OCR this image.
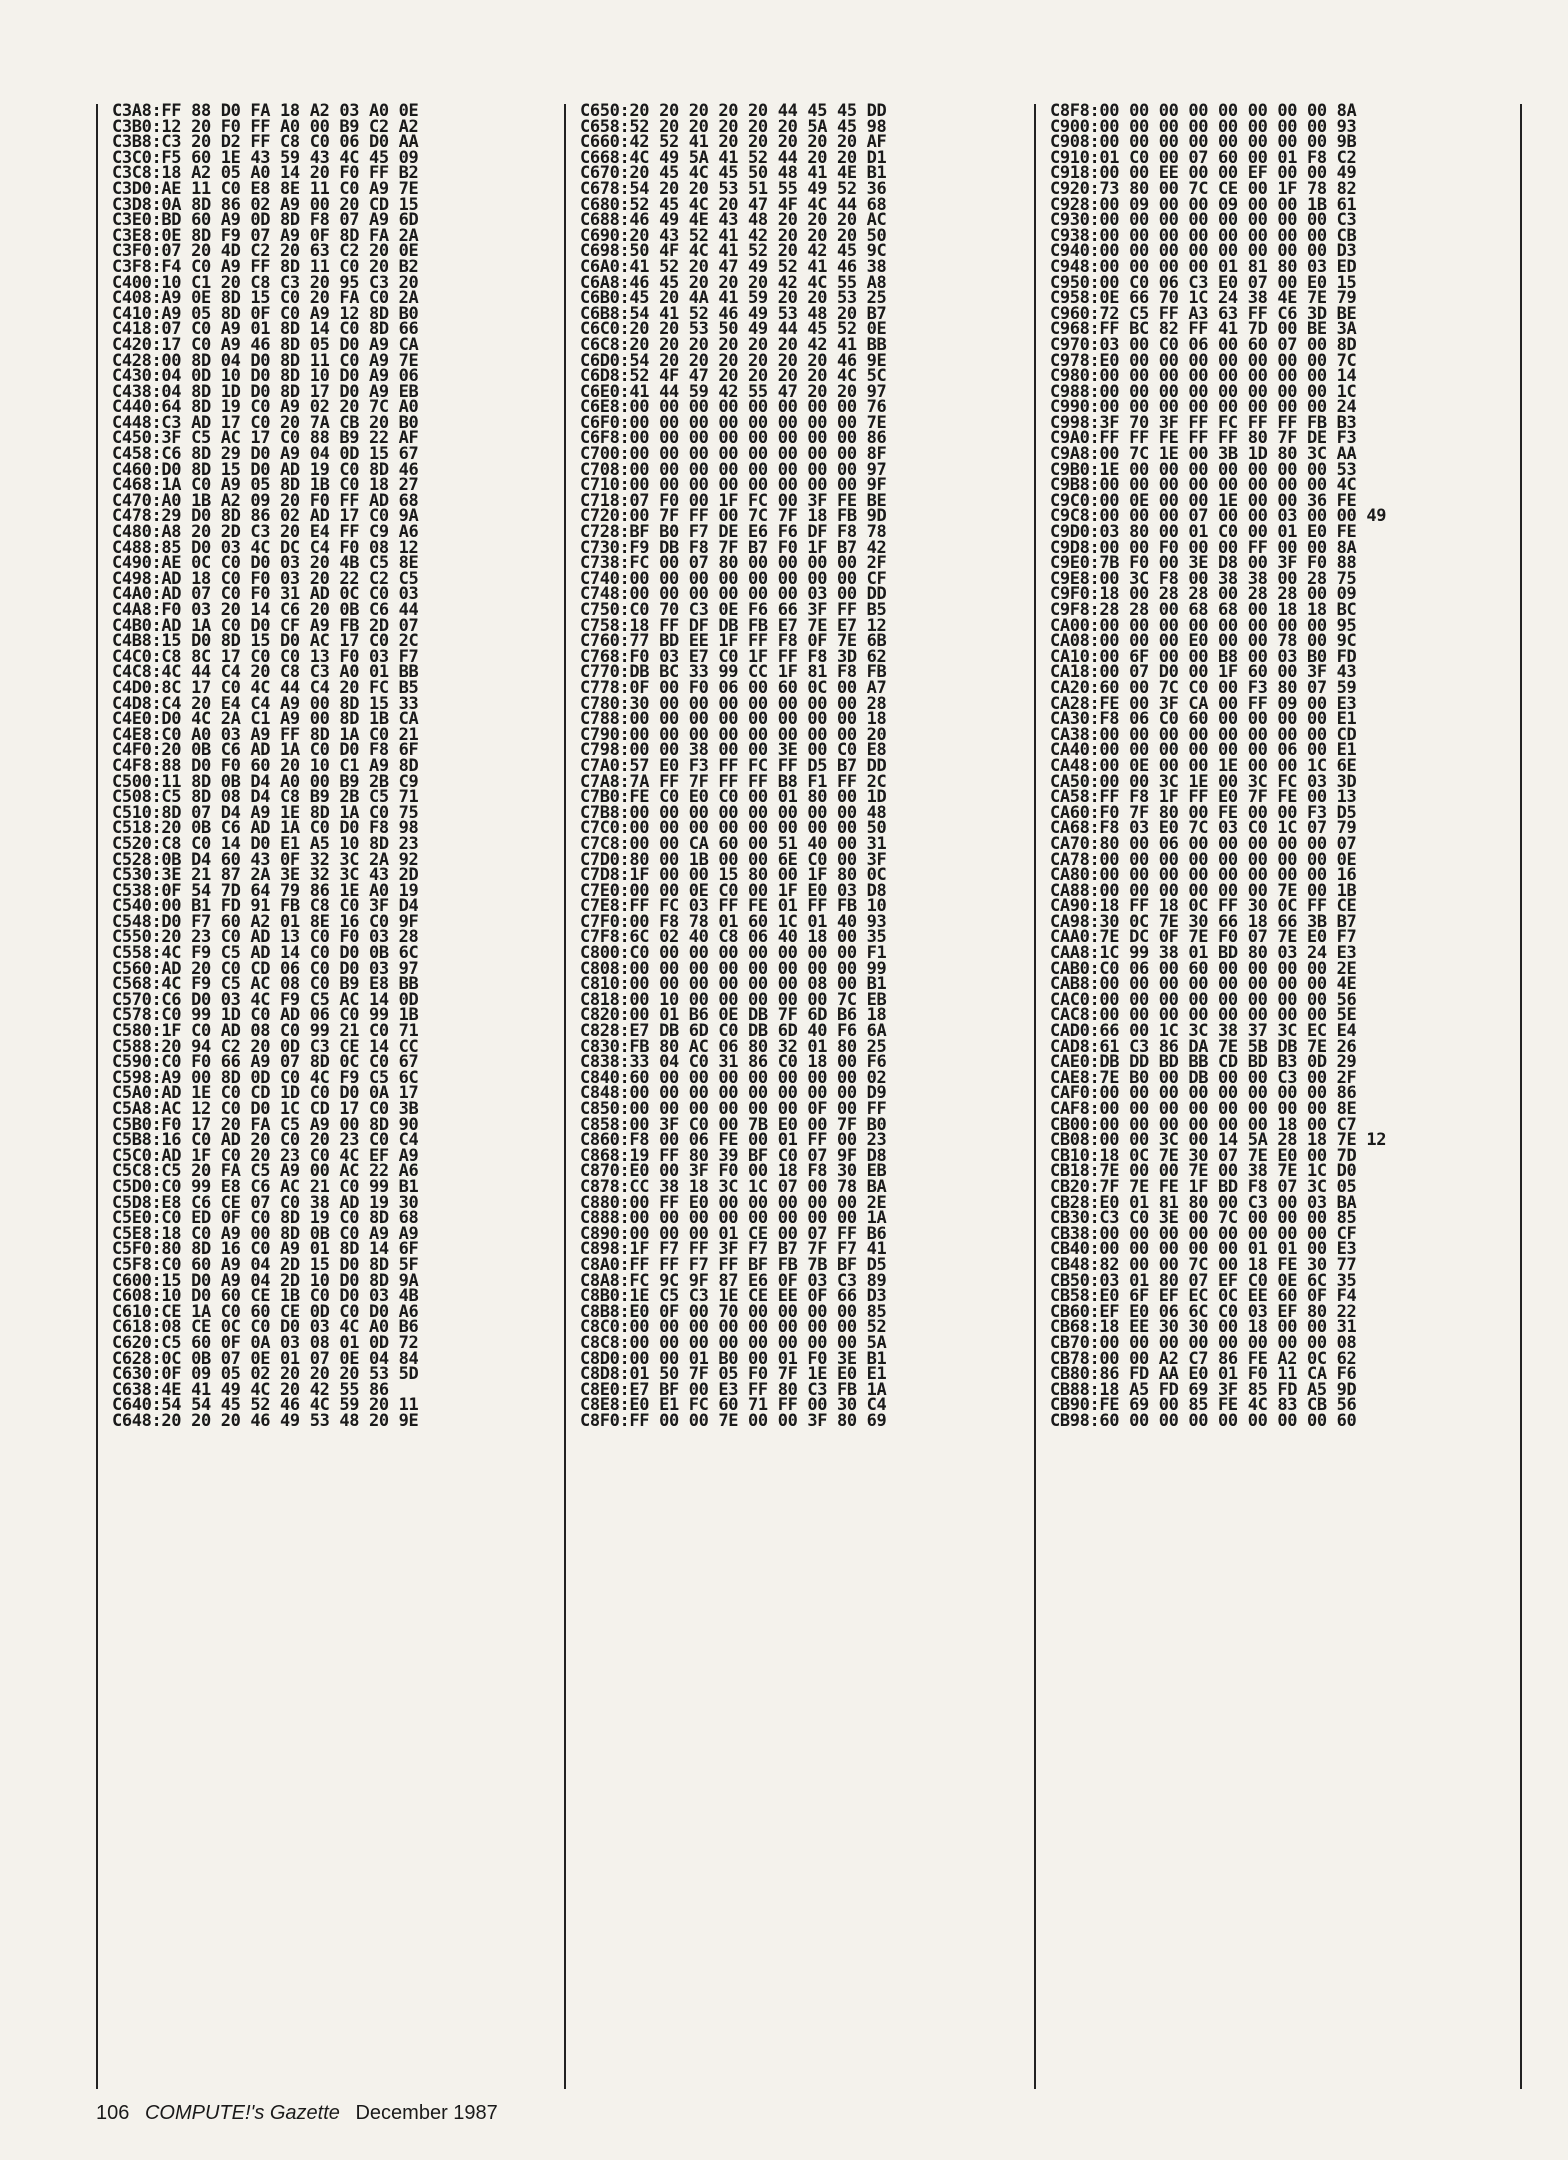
C3A8:FF 88 D0 FA 18 A2 03 A0 0E
C3B0:12 20 F0 FF A0 00 B9 C2 A2
C3B8:C3 20 D2 FF C8 C0 06 D0 AA
C3C0:F5 60 1E 43 59 43 4C 45 09
C3C8:18 A2 05 A0 14 20 F0 FF B2
C3D0:AE 11 C0 E8 8E 11 C0 A9 7E
C3D8:0A 8D 86 02 A9 00 20 CD 15
C3E0:BD 60 A9 0D 8D F8 07 A9 6D
C3E8:0E 8D F9 07 A9 0F 8D FA 2A
C3F0:07 20 4D C2 20 63 C2 20 0E
C3F8:F4 C0 A9 FF 8D 11 C0 20 B2
C400:10 C1 20 C8 C3 20 95 C3 20
C408:A9 0E 8D 15 C0 20 FA C0 2A
C410:A9 05 8D 0F C0 A9 12 8D B0
C418:07 C0 A9 01 8D 14 C0 8D 66
C420:17 C0 A9 46 8D 05 D0 A9 CA
C428:00 8D 04 D0 8D 11 C0 A9 7E
C430:04 0D 10 D0 8D 10 D0 A9 06
C438:04 8D 1D D0 8D 17 D0 A9 EB
C440:64 8D 19 C0 A9 02 20 7C A0
C448:C3 AD 17 C0 20 7A CB 20 B0
C450:3F C5 AC 17 C0 88 B9 22 AF
C458:C6 8D 29 D0 A9 04 0D 15 67
C460:D0 8D 15 D0 AD 19 C0 8D 46
C468:1A C0 A9 05 8D 1B C0 18 27
C470:A0 1B A2 09 20 F0 FF AD 68
C478:29 D0 8D 86 02 AD 17 C0 9A
C480:A8 20 2D C3 20 E4 FF C9 A6
C488:85 D0 03 4C DC C4 F0 08 12
C490:AE 0C C0 D0 03 20 4B C5 8E
C498:AD 18 C0 F0 03 20 22 C2 C5
C4A0:AD 07 C0 F0 31 AD 0C C0 03
C4A8:F0 03 20 14 C6 20 0B C6 44
C4B0:AD 1A C0 D0 CF A9 FB 2D 07
C4B8:15 D0 8D 15 D0 AC 17 C0 2C
C4C0:C8 8C 17 C0 C0 13 F0 03 F7
C4C8:4C 44 C4 20 C8 C3 A0 01 BB
C4D0:8C 17 C0 4C 44 C4 20 FC B5
C4D8:C4 20 E4 C4 A9 00 8D 15 33
C4E0:D0 4C 2A C1 A9 00 8D 1B CA
C4E8:C0 A0 03 A9 FF 8D 1A C0 21
C4F0:20 0B C6 AD 1A C0 D0 F8 6F
C4F8:88 D0 F0 60 20 10 C1 A9 8D
C500:11 8D 0B D4 A0 00 B9 2B C9
C508:C5 8D 08 D4 C8 B9 2B C5 71
C510:8D 07 D4 A9 1E 8D 1A C0 75
C518:20 0B C6 AD 1A C0 D0 F8 98
C520:C8 C0 14 D0 E1 A5 10 8D 23
C528:0B D4 60 43 0F 32 3C 2A 92
C530:3E 21 87 2A 3E 32 3C 43 2D
C538:0F 54 7D 64 79 86 1E A0 19
C540:00 B1 FD 91 FB C8 C0 3F D4
C548:D0 F7 60 A2 01 8E 16 C0 9F
C550:20 23 C0 AD 13 C0 F0 03 28
C558:4C F9 C5 AD 14 C0 D0 0B 6C
C560:AD 20 C0 CD 06 C0 D0 03 97
C568:4C F9 C5 AC 08 C0 B9 E8 BB
C570:C6 D0 03 4C F9 C5 AC 14 0D
C578:C0 99 1D C0 AD 06 C0 99 1B
C580:1F C0 AD 08 C0 99 21 C0 71
C588:20 94 C2 20 0D C3 CE 14 CC
C590:C0 F0 66 A9 07 8D 0C C0 67
C598:A9 00 8D 0D C0 4C F9 C5 6C
C5A0:AD 1E C0 CD 1D C0 D0 0A 17
C5A8:AC 12 C0 D0 1C CD 17 C0 3B
C5B0:F0 17 20 FA C5 A9 00 8D 90
C5B8:16 C0 AD 20 C0 20 23 C0 C4
C5C0:AD 1F C0 20 23 C0 4C EF A9
C5C8:C5 20 FA C5 A9 00 AC 22 A6
C5D0:C0 99 E8 C6 AC 21 C0 99 B1
C5D8:E8 C6 CE 07 C0 38 AD 19 30
C5E0:C0 ED 0F C0 8D 19 C0 8D 68
C5E8:18 C0 A9 00 8D 0B C0 A9 A9
C5F0:80 8D 16 C0 A9 01 8D 14 6F
C5F8:C0 60 A9 04 2D 15 D0 8D 5F
C600:15 D0 A9 04 2D 10 D0 8D 9A
C608:10 D0 60 CE 1B C0 D0 03 4B
C610:CE 1A C0 60 CE 0D C0 D0 A6
C618:08 CE 0C C0 D0 03 4C A0 B6
C620:C5 60 0F 0A 03 08 01 0D 72
C628:0C 0B 07 0E 01 07 0E 04 84
C630:0F 09 05 02 20 20 20 53 5D
C638:4E 41 49 4C 20 42 55 86
C640:54 54 45 52 46 4C 59 20 11
C648:20 20 20 46 49 53 48 20 9E
C650:20 20 20 20 20 44 45 45 DD
C658:52 20 20 20 20 20 5A 45 98
C660:42 52 41 20 20 20 20 20 AF
C668:4C 49 5A 41 52 44 20 20 D1
C670:20 45 4C 45 50 48 41 4E B1
C678:54 20 20 53 51 55 49 52 36
C680:52 45 4C 20 47 4F 4C 44 68
C688:46 49 4E 43 48 20 20 20 AC
C690:20 43 52 41 42 20 20 20 50
C698:50 4F 4C 41 52 20 42 45 9C
C6A0:41 52 20 47 49 52 41 46 38
C6A8:46 45 20 20 20 42 4C 55 A8
C6B0:45 20 4A 41 59 20 20 53 25
C6B8:54 41 52 46 49 53 48 20 B7
C6C0:20 20 53 50 49 44 45 52 0E
C6C8:20 20 20 20 20 20 42 41 BB
C6D0:54 20 20 20 20 20 20 46 9E
C6D8:52 4F 47 20 20 20 20 4C 5C
C6E0:41 44 59 42 55 47 20 20 97
C6E8:00 00 00 00 00 00 00 00 76
C6F0:00 00 00 00 00 00 00 00 7E
C6F8:00 00 00 00 00 00 00 00 86
C700:00 00 00 00 00 00 00 00 8F
C708:00 00 00 00 00 00 00 00 97
C710:00 00 00 00 00 00 00 00 9F
C718:07 F0 00 1F FC 00 3F FE BE
C720:00 7F FF 00 7C 7F 18 FB 9D
C728:BF B0 F7 DE E6 F6 DF F8 78
C730:F9 DB F8 7F B7 F0 1F B7 42
C738:FC 00 07 80 00 00 00 00 2F
C740:00 00 00 00 00 00 00 00 CF
C748:00 00 00 00 00 00 03 00 DD
C750:C0 70 C3 0E F6 66 3F FF B5
C758:18 FF DF DB FB E7 7E E7 12
C760:77 BD EE 1F FF F8 0F 7E 6B
C768:F0 03 E7 C0 1F FF F8 3D 62
C770:DB BC 33 99 CC 1F 81 F8 FB
C778:0F 00 F0 06 00 60 0C 00 A7
C780:30 00 00 00 00 00 00 00 28
C788:00 00 00 00 00 00 00 00 18
C790:00 00 00 00 00 00 00 00 20
C798:00 00 38 00 00 3E 00 C0 E8
C7A0:57 E0 F3 FF FC FF D5 B7 DD
C7A8:7A FF 7F FF FF B8 F1 FF 2C
C7B0:FE C0 E0 C0 00 01 80 00 1D
C7B8:00 00 00 00 00 00 00 00 48
C7C0:00 00 00 00 00 00 00 00 50
C7C8:00 00 CA 60 00 51 40 00 31
C7D0:80 00 1B 00 00 6E C0 00 3F
C7D8:1F 00 00 15 80 00 1F 80 0C
C7E0:00 00 0E C0 00 1F E0 03 D8
C7E8:FF FC 03 FF FE 01 FF FB 10
C7F0:00 F8 78 01 60 1C 01 40 93
C7F8:6C 02 40 C8 06 40 18 00 35
C800:C0 00 00 00 00 00 00 00 F1
C808:00 00 00 00 00 00 00 00 99
C810:00 00 00 00 00 00 08 00 B1
C818:00 10 00 00 00 00 00 7C EB
C820:00 01 B6 0E DB 7F 6D B6 18
C828:E7 DB 6D C0 DB 6D 40 F6 6A
C830:FB 80 AC 06 80 32 01 80 25
C838:33 04 C0 31 86 C0 18 00 F6
C840:60 00 00 00 00 00 00 00 02
C848:00 00 00 00 00 00 00 00 D9
C850:00 00 00 00 00 00 0F 00 FF
C858:00 3F C0 00 7B E0 00 7F B0
C860:F8 00 06 FE 00 01 FF 00 23
C868:19 FF 80 39 BF C0 07 9F D8
C870:E0 00 3F F0 00 18 F8 30 EB
C878:CC 38 18 3C 1C 07 00 78 BA
C880:00 FF E0 00 00 00 00 00 2E
C888:00 00 00 00 00 00 00 00 1A
C890:00 00 00 01 CE 00 07 FF B6
C898:1F F7 FF 3F F7 B7 7F F7 41
C8A0:FF FF F7 FF BF FB 7B BF D5
C8A8:FC 9C 9F 87 E6 0F 03 C3 89
C8B0:1E C5 C3 1E CE EE 0F 66 D3
C8B8:E0 0F 00 70 00 00 00 00 85
C8C0:00 00 00 00 00 00 00 00 52
C8C8:00 00 00 00 00 00 00 00 5A
C8D0:00 00 01 B0 00 01 F0 3E B1
C8D8:01 50 7F 05 F0 7F 1E E0 E1
C8E0:E7 BF 00 E3 FF 80 C3 FB 1A
C8E8:E0 E1 FC 60 71 FF 00 30 C4
C8F0:FF 00 00 7E 00 00 3F 80 69
C8F8:00 00 00 00 00 00 00 00 8A
C900:00 00 00 00 00 00 00 00 93
C908:00 00 00 00 00 00 00 00 9B
C910:01 C0 00 07 60 00 01 F8 C2
C918:00 00 EE 00 00 EF 00 00 49
C920:73 80 00 7C CE 00 1F 78 82
C928:00 09 00 00 09 00 00 1B 61
C930:00 00 00 00 00 00 00 00 C3
C938:00 00 00 00 00 00 00 00 CB
C940:00 00 00 00 00 00 00 00 D3
C948:00 00 00 00 01 81 80 03 ED
C950:00 C0 06 C3 E0 07 00 E0 15
C958:0E 66 70 1C 24 38 4E 7E 79
C960:72 C5 FF A3 63 FF C6 3D BE
C968:FF BC 82 FF 41 7D 00 BE 3A
C970:03 00 C0 06 00 60 07 00 8D
C978:E0 00 00 00 00 00 00 00 7C
C980:00 00 00 00 00 00 00 00 14
C988:00 00 00 00 00 00 00 00 1C
C990:00 00 00 00 00 00 00 00 24
C998:3F 70 3F FF FC FF FF FB B3
C9A0:FF FF FE FF FF 80 7F DE F3
C9A8:00 7C 1E 00 3B 1D 80 3C AA
C9B0:1E 00 00 00 00 00 00 00 53
C9B8:00 00 00 00 00 00 00 00 4C
C9C0:00 0E 00 00 1E 00 00 36 FE
C9C8:00 00 00 07 00 00 03 00 00 49
C9D0:03 80 00 01 C0 00 01 E0 FE
C9D8:00 00 F0 00 00 FF 00 00 8A
C9E0:7B F0 00 3E D8 00 3F F0 88
C9E8:00 3C F8 00 38 38 00 28 75
C9F0:18 00 28 28 00 28 28 00 09
C9F8:28 28 00 68 68 00 18 18 BC
CA00:00 00 00 00 00 00 00 00 95
CA08:00 00 00 E0 00 00 78 00 9C
CA10:00 6F 00 00 B8 00 03 B0 FD
CA18:00 07 D0 00 1F 60 00 3F 43
CA20:60 00 7C C0 00 F3 80 07 59
CA28:FE 00 3F CA 00 FF 09 00 E3
CA30:F8 06 C0 60 00 00 00 00 E1
CA38:00 00 00 00 00 00 00 00 CD
CA40:00 00 00 00 00 00 06 00 E1
CA48:00 0E 00 00 1E 00 00 1C 6E
CA50:00 00 3C 1E 00 3C FC 03 3D
CA58:FF F8 1F FF E0 7F FE 00 13
CA60:F0 7F 80 00 FE 00 00 F3 D5
CA68:F8 03 E0 7C 03 C0 1C 07 79
CA70:80 00 06 00 00 00 00 00 07
CA78:00 00 00 00 00 00 00 00 0E
CA80:00 00 00 00 00 00 00 00 16
CA88:00 00 00 00 00 00 7E 00 1B
CA90:18 FF 18 0C FF 30 0C FF CE
CA98:30 0C 7E 30 66 18 66 3B B7
CAA0:7E DC 0F 7E F0 07 7E E0 F7
CAA8:1C 99 38 01 BD 80 03 24 E3
CAB0:C0 06 00 60 00 00 00 00 2E
CAB8:00 00 00 00 00 00 00 00 4E
CAC0:00 00 00 00 00 00 00 00 56
CAC8:00 00 00 00 00 00 00 00 5E
CAD0:66 00 1C 3C 38 37 3C EC E4
CAD8:61 C3 86 DA 7E 5B DB 7E 26
CAE0:DB DD BD BB CD BD B3 0D 29
CAE8:7E B0 00 DB 00 00 C3 00 2F
CAF0:00 00 00 00 00 00 00 00 86
CAF8:00 00 00 00 00 00 00 00 8E
CB00:00 00 00 00 00 00 18 00 C7
CB08:00 00 3C 00 14 5A 28 18 7E 12
CB10:18 0C 7E 30 07 7E E0 00 7D
CB18:7E 00 00 7E 00 38 7E 1C D0
CB20:7F 7E FE 1F BD F8 07 3C 05
CB28:E0 01 81 80 00 C3 00 03 BA
CB30:C3 C0 3E 00 7C 00 00 00 85
CB38:00 00 00 00 00 00 00 00 CF
CB40:00 00 00 00 00 01 01 00 E3
CB48:82 00 00 7C 00 18 FE 30 77
CB50:03 01 80 07 EF C0 0E 6C 35
CB58:E0 6F EF EC 0C EE 60 0F F4
CB60:EF E0 06 6C C0 03 EF 80 22
CB68:18 EE 30 30 00 18 00 00 31
CB70:00 00 00 00 00 00 00 00 08
CB78:00 00 A2 C7 86 FE A2 0C 62
CB80:86 FD AA E0 01 F0 11 CA F6
CB88:18 A5 FD 69 3F 85 FD A5 9D
CB90:FE 69 00 85 FE 4C 83 CB 56
CB98:60 00 00 00 00 00 00 00 60
106 COMPUTE!'s Gazette December 1987
